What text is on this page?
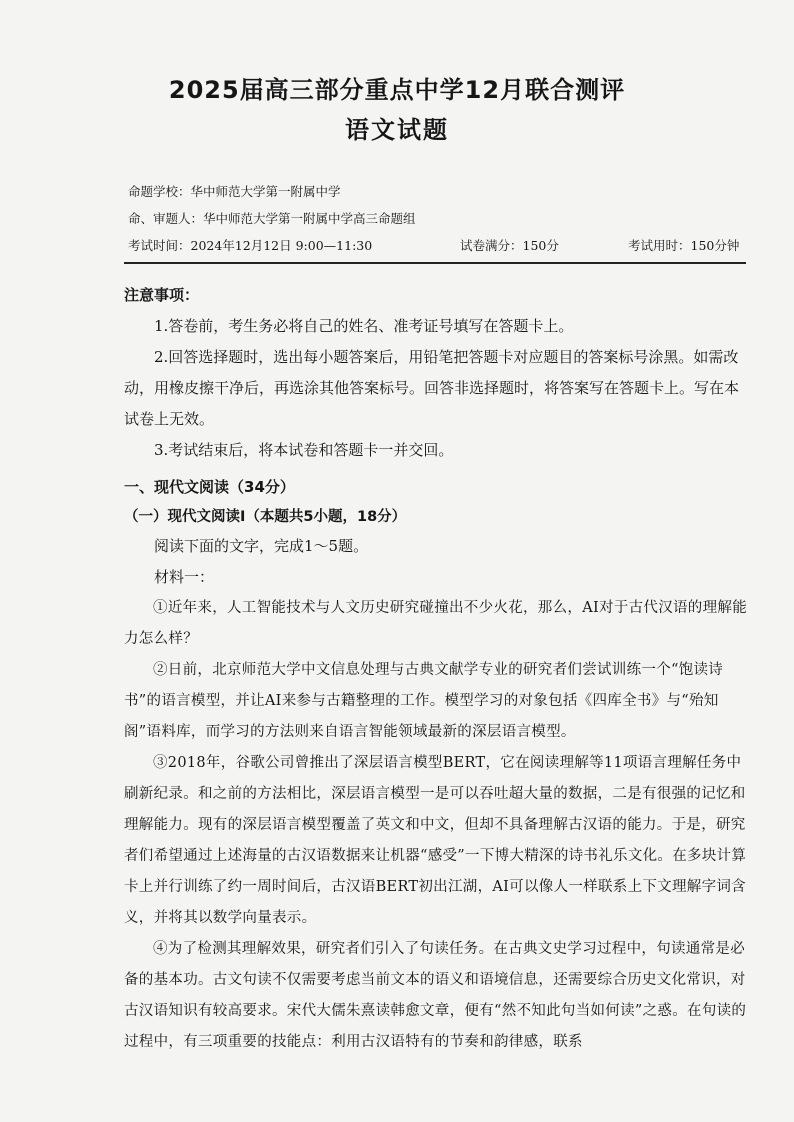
2025届高三部分重点中学12月联合测评
语文试题
命题学校：华中师范大学第一附属中学
命、审题人：华中师范大学第一附属中学高三命题组
考试时间：2024年12月12日 9:00—11:30	试卷满分：150分	考试用时：150分钟

注意事项：

1.答卷前，考生务必将自己的姓名、准考证号填写在答题卡上。

2.回答选择题时，选出每小题答案后，用铅笔把答题卡对应题目的答案标号涂黑。如需改动，用橡皮擦干净后，再选涂其他答案标号。回答非选择题时，将答案写在答题卡上。写在本试卷上无效。

3.考试结束后，将本试卷和答题卡一并交回。

一、现代文阅读（34分）

（一）现代文阅读Ⅰ（本题共5小题，18分）

阅读下面的文字，完成1～5题。

材料一：

①近年来，人工智能技术与人文历史研究碰撞出不少火花，那么，AI对于古代汉语的理解能力怎么样？

②日前，北京师范大学中文信息处理与古典文献学专业的研究者们尝试训练一个“饱读诗书”的语言模型，并让AI来参与古籍整理的工作。模型学习的对象包括《四库全书》与“殆知阁”语料库，而学习的方法则来自语言智能领域最新的深层语言模型。

③2018年，谷歌公司曾推出了深层语言模型BERT，它在阅读理解等11项语言理解任务中刷新纪录。和之前的方法相比，深层语言模型一是可以吞吐超大量的数据，二是有很强的记忆和理解能力。现有的深层语言模型覆盖了英文和中文，但却不具备理解古汉语的能力。于是，研究者们希望通过上述海量的古汉语数据来让机器“感受”一下博大精深的诗书礼乐文化。在多块计算卡上并行训练了约一周时间后，古汉语BERT初出江湖，AI可以像人一样联系上下文理解字词含义，并将其以数学向量表示。

④为了检测其理解效果，研究者们引入了句读任务。在古典文史学习过程中，句读通常是必备的基本功。古文句读不仅需要考虑当前文本的语义和语境信息，还需要综合历史文化常识，对古汉语知识有较高要求。宋代大儒朱熹读韩愈文章，便有“然不知此句当如何读”之惑。在句读的过程中，有三项重要的技能点：利用古汉语特有的节奏和韵律感，联系
